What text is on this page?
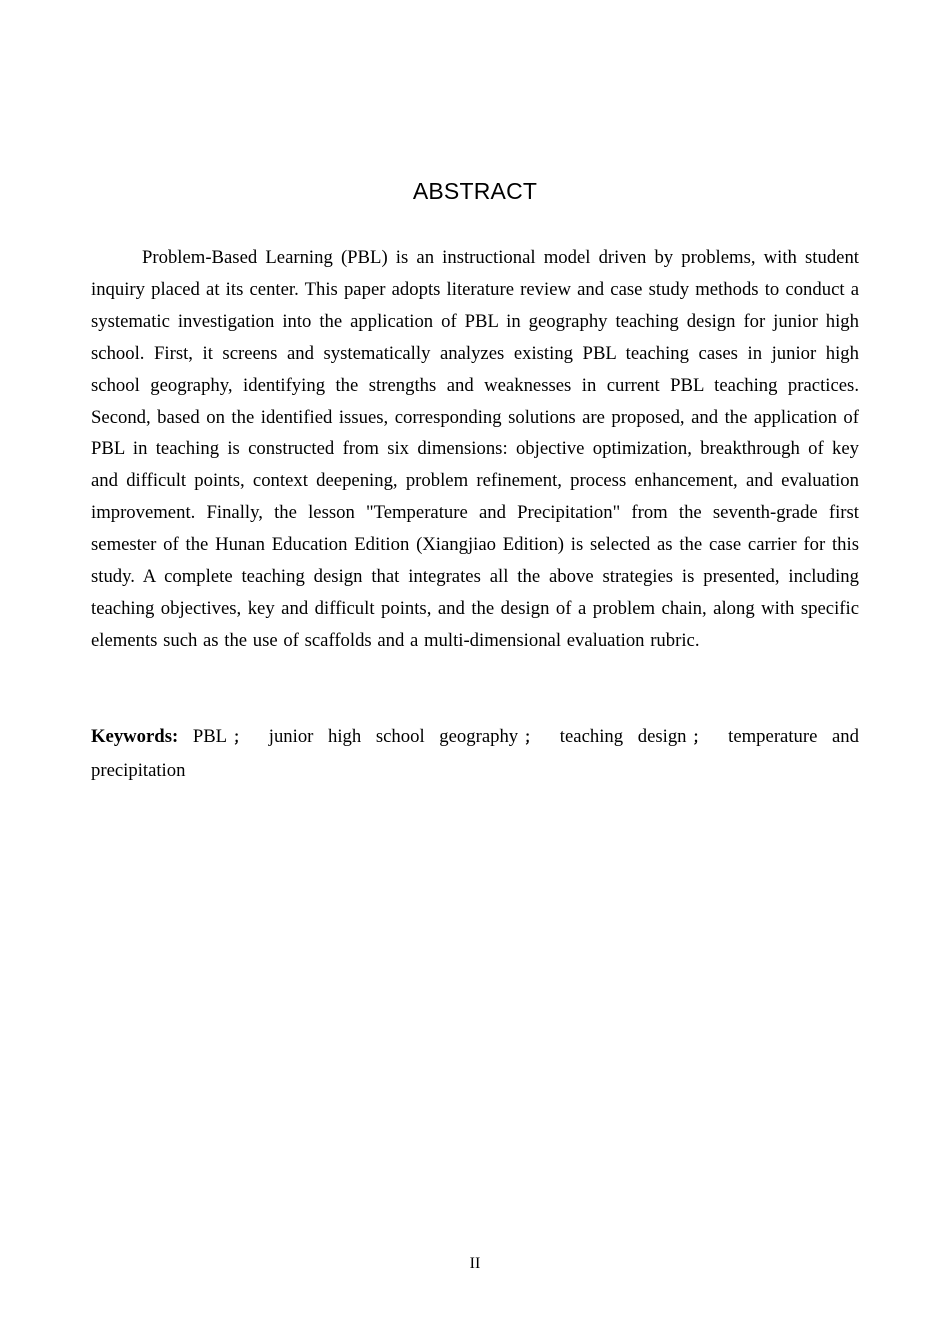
ABSTRACT

Problem-Based Learning (PBL) is an instructional model driven by problems, with student inquiry placed at its center. This paper adopts literature review and case study methods to conduct a systematic investigation into the application of PBL in geography teaching design for junior high school. First, it screens and systematically analyzes existing PBL teaching cases in junior high school geography, identifying the strengths and weaknesses in current PBL teaching practices. Second, based on the identified issues, corresponding solutions are proposed, and the application of PBL in teaching is constructed from six dimensions: objective optimization, breakthrough of key and difficult points, context deepening, problem refinement, process enhancement, and evaluation improvement. Finally, the lesson "Temperature and Precipitation" from the seventh-grade first semester of the Hunan Education Edition (Xiangjiao Edition) is selected as the case carrier for this study. A complete teaching design that integrates all the above strategies is presented, including teaching objectives, key and difficult points, and the design of a problem chain, along with specific elements such as the use of scaffolds and a multi-dimensional evaluation rubric.

Keywords: PBL ； junior high school geography ； teaching design ； temperature and precipitation

II
